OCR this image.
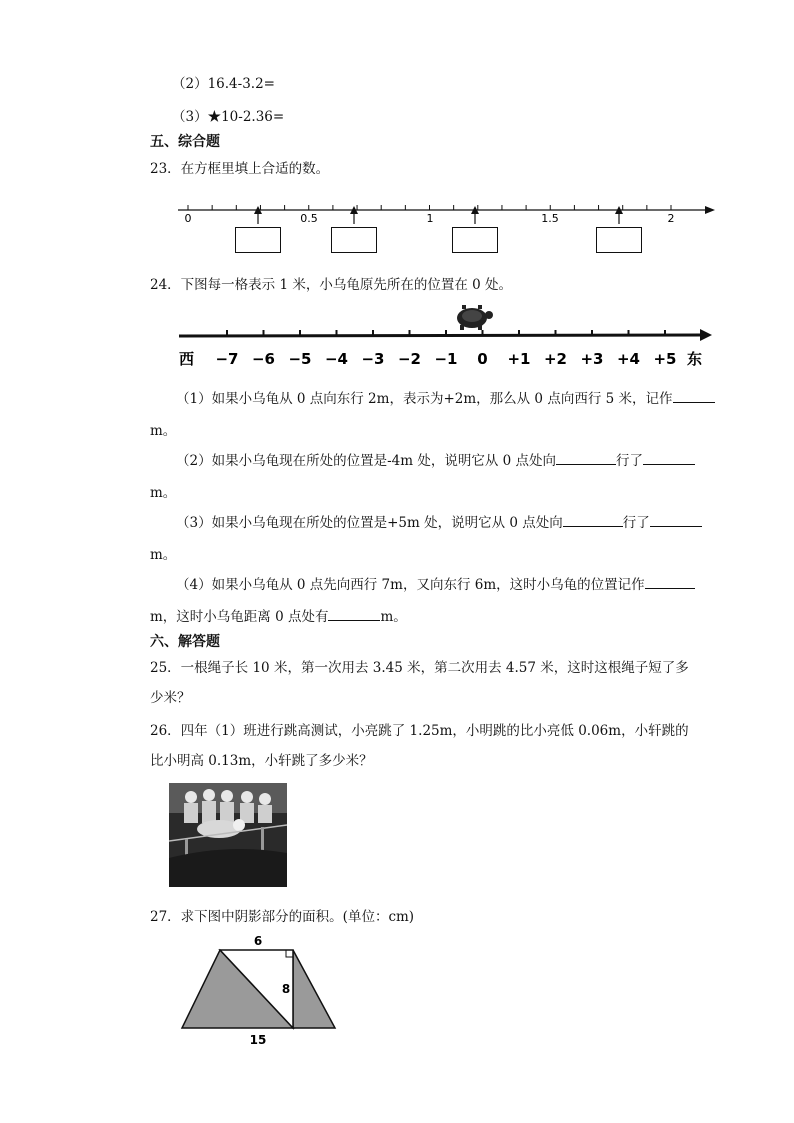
（2）16.4-3.2=
（3）★10-2.36=
五、综合题
23．在方框里填上合适的数。
0	0.5	1	1.5	2
24．下图每一格表示 1 米，小乌龟原先所在的位置在 0 处。
西	东
−7 −6 −5 −4 −3 −2 −1 0 +1 +2 +3 +4 +5
（1）如果小乌龟从 0 点向东行 2m，表示为+2m，那么从 0 点向西行 5 米，记作
m。
（2）如果小乌龟现在所处的位置是-4m 处，说明它从 0 点处向	行了
m。
（3）如果小乌龟现在所处的位置是+5m 处，说明它从 0 点处向	行了
m。
（4）如果小乌龟从 0 点先向西行 7m，又向东行 6m，这时小乌龟的位置记作
m，这时小乌龟距离 0 点处有	m。
六、解答题
25．一根绳子长 10 米，第一次用去 3.45 米，第二次用去 4.57 米，这时这根绳子短了多
少米？
26．四年（1）班进行跳高测试，小亮跳了 1.25m，小明跳的比小亮低 0.06m，小轩跳的
比小明高 0.13m，小轩跳了多少米？
27．求下图中阴影部分的面积。(单位：cm)
6
8
15
